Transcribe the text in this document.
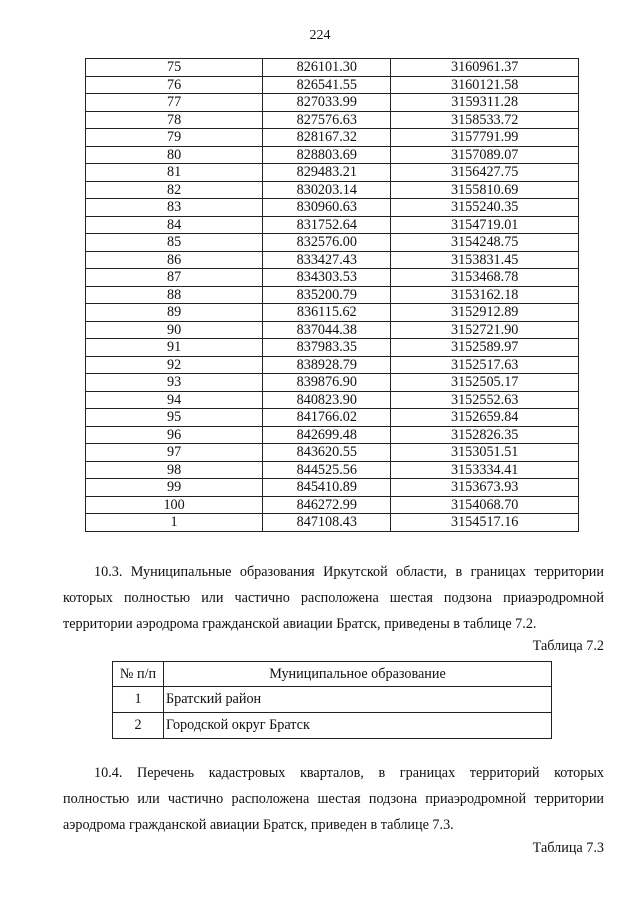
224
75	826101.30	3160961.37
76	826541.55	3160121.58
77	827033.99	3159311.28
78	827576.63	3158533.72
79	828167.32	3157791.99
80	828803.69	3157089.07
81	829483.21	3156427.75
82	830203.14	3155810.69
83	830960.63	3155240.35
84	831752.64	3154719.01
85	832576.00	3154248.75
86	833427.43	3153831.45
87	834303.53	3153468.78
88	835200.79	3153162.18
89	836115.62	3152912.89
90	837044.38	3152721.90
91	837983.35	3152589.97
92	838928.79	3152517.63
93	839876.90	3152505.17
94	840823.90	3152552.63
95	841766.02	3152659.84
96	842699.48	3152826.35
97	843620.55	3153051.51
98	844525.56	3153334.41
99	845410.89	3153673.93
100	846272.99	3154068.70
1	847108.43	3154517.16
10.3. Муниципальные образования Иркутской области, в границах территории
которых полностью или частично расположена шестая подзона приаэродромной
территории аэродрома гражданской авиации Братск, приведены в таблице 7.2.
Таблица 7.2
№ п/п	Муниципальное образование
1	Братский район
2	Городской округ Братск
10.4. Перечень кадастровых кварталов, в границах территорий которых
полностью или частично расположена шестая подзона приаэродромной территории
аэродрома гражданской авиации Братск, приведен в таблице 7.3.
Таблица 7.3
